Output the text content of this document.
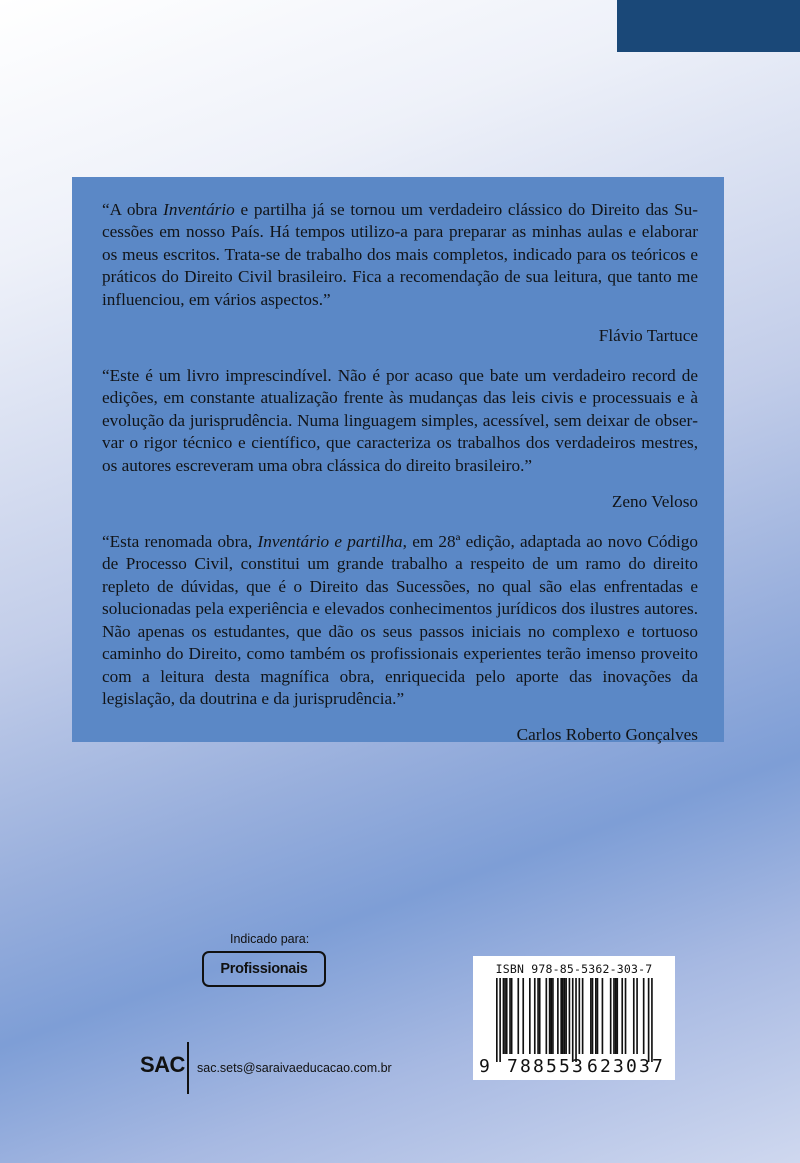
“A obra Inventário e partilha já se tornou um verdadeiro clássico do Direito das Sucessões em nosso País. Há tempos utilizo-a para preparar as minhas aulas e elaborar os meus escritos. Trata-se de trabalho dos mais completos, indicado para os teóricos e práticos do Direito Civil brasileiro. Fica a recomendação de sua leitura, que tanto me influenciou, em vários aspectos.”

Flávio Tartuce

“Este é um livro imprescindível. Não é por acaso que bate um verdadeiro record de edições, em constante atualização frente às mudanças das leis civis e processuais e à evolução da jurisprudência. Numa linguagem simples, acessível, sem deixar de observar o rigor técnico e científico, que caracteriza os trabalhos dos verdadeiros mestres, os autores escreveram uma obra clássica do direito brasileiro.”

Zeno Veloso

“Esta renomada obra, Inventário e partilha, em 28ª edição, adaptada ao novo Código de Processo Civil, constitui um grande trabalho a respeito de um ramo do direito repleto de dúvidas, que é o Direito das Sucessões, no qual são elas enfrentadas e solucionadas pela experiência e elevados conhecimentos jurídicos dos ilustres autores. Não apenas os estudantes, que dão os seus passos iniciais no complexo e tortuoso caminho do Direito, como também os profissionais experientes terão imenso proveito com a leitura desta magnífica obra, enriquecida pelo aporte das inovações da legislação, da doutrina e da jurisprudência.”

Carlos Roberto Gonçalves
Indicado para:
Profissionais
SAC sac.sets@saraivaeducacao.com.br
ISBN 978-85-5362-303-7
9 7 8 8 5 5 3 6 2 3 0 3 7
